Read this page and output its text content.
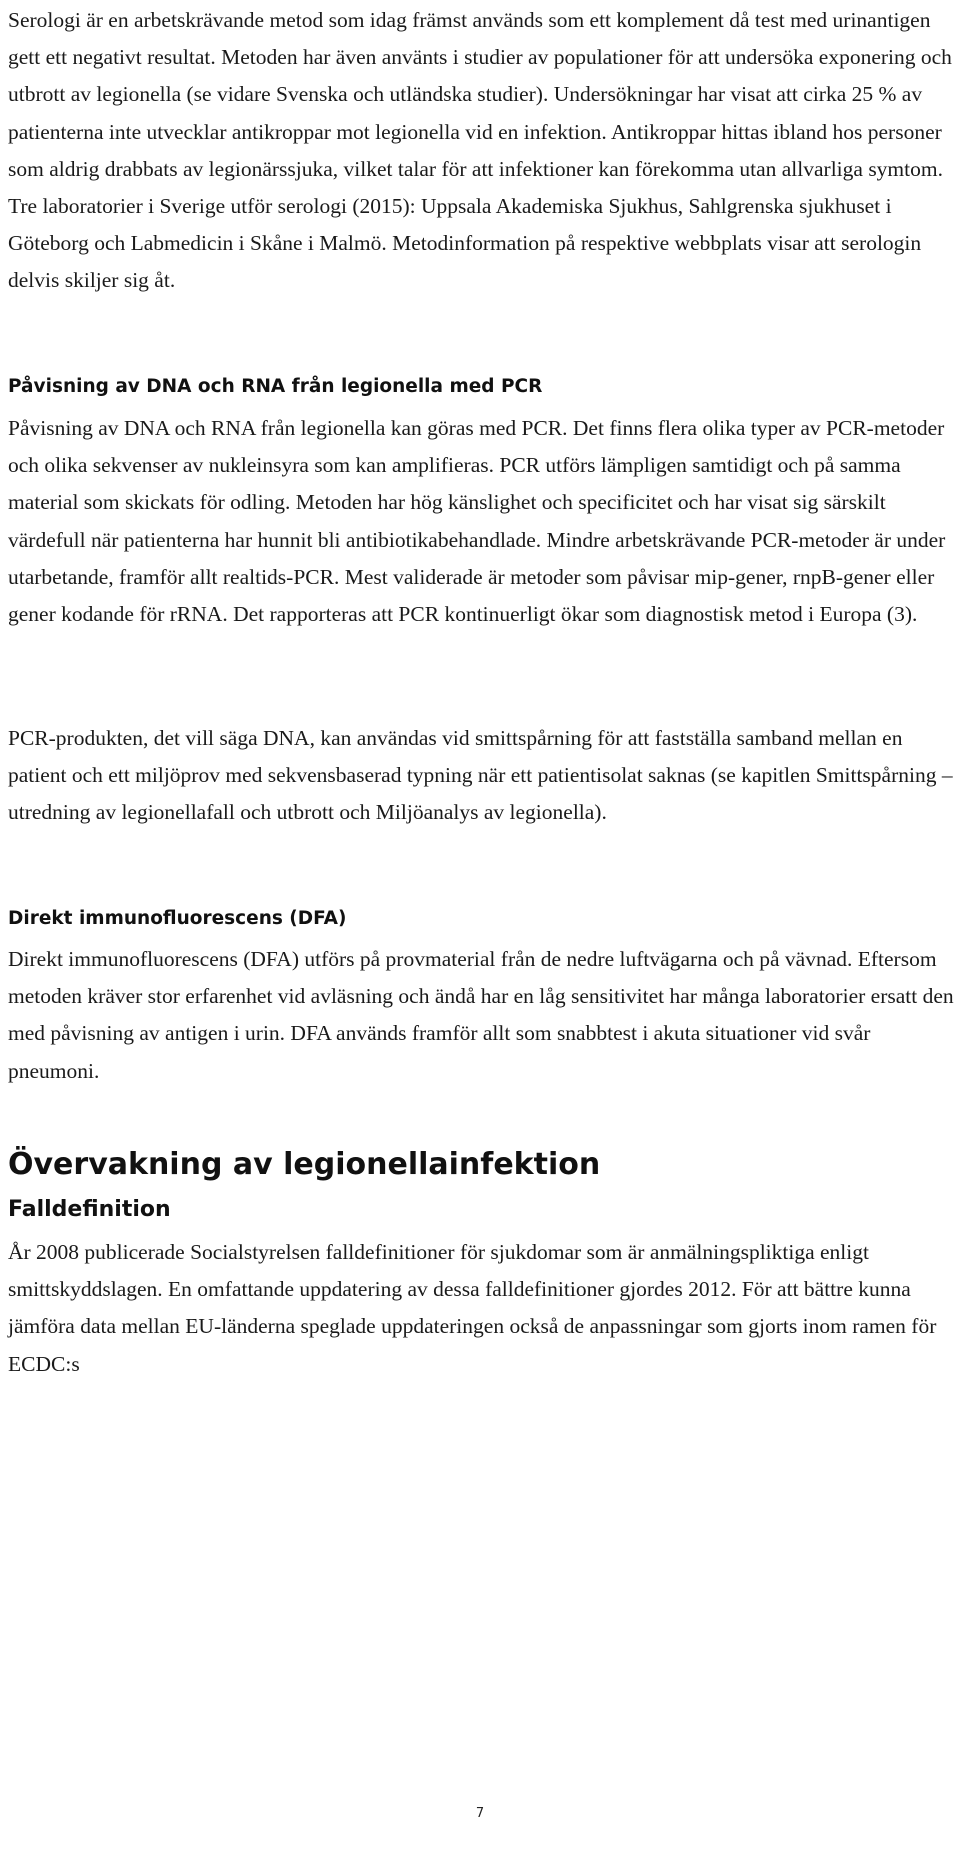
Serologi är en arbetskrävande metod som idag främst används som ett komplement då test med urinantigen gett ett negativt resultat. Metoden har även använts i studier av populationer för att undersöka exponering och utbrott av legionella (se vidare Svenska och utländska studier). Undersökningar har visat att cirka 25 % av patienterna inte utvecklar antikroppar mot legionella vid en infektion. Antikroppar hittas ibland hos personer som aldrig drabbats av legionärssjuka, vilket talar för att infektioner kan förekomma utan allvarliga symtom. Tre laboratorier i Sverige utför serologi (2015): Uppsala Akademiska Sjukhus, Sahlgrenska sjukhuset i Göteborg och Labmedicin i Skåne i Malmö. Metodinformation på respektive webbplats visar att serologin delvis skiljer sig åt.

Påvisning av DNA och RNA från legionella med PCR

Påvisning av DNA och RNA från legionella kan göras med PCR. Det finns flera olika typer av PCR-metoder och olika sekvenser av nukleinsyra som kan amplifieras. PCR utförs lämpligen samtidigt och på samma material som skickats för odling. Metoden har hög känslighet och specificitet och har visat sig särskilt värdefull när patienterna har hunnit bli antibiotikabehandlade. Mindre arbetskrävande PCR-metoder är under utarbetande, framför allt realtids-PCR. Mest validerade är metoder som påvisar mip-gener, rnpB-gener eller gener kodande för rRNA. Det rapporteras att PCR kontinuerligt ökar som diagnostisk metod i Europa (3).

PCR-produkten, det vill säga DNA, kan användas vid smittspårning för att fastställa samband mellan en patient och ett miljöprov med sekvensbaserad typning när ett patientisolat saknas (se kapitlen Smittspårning – utredning av legionellafall och utbrott och Miljöanalys av legionella).

Direkt immunofluorescens (DFA)

Direkt immunofluorescens (DFA) utförs på provmaterial från de nedre luftvägarna och på vävnad. Eftersom metoden kräver stor erfarenhet vid avläsning och ändå har en låg sensitivitet har många laboratorier ersatt den med påvisning av antigen i urin. DFA används framför allt som snabbtest i akuta situationer vid svår pneumoni.

Övervakning av legionellainfektion
Falldefinition

År 2008 publicerade Socialstyrelsen falldefinitioner för sjukdomar som är anmälningspliktiga enligt smittskyddslagen. En omfattande uppdatering av dessa falldefinitioner gjordes 2012. För att bättre kunna jämföra data mellan EU-länderna speglade uppdateringen också de anpassningar som gjorts inom ramen för ECDC:s

7
